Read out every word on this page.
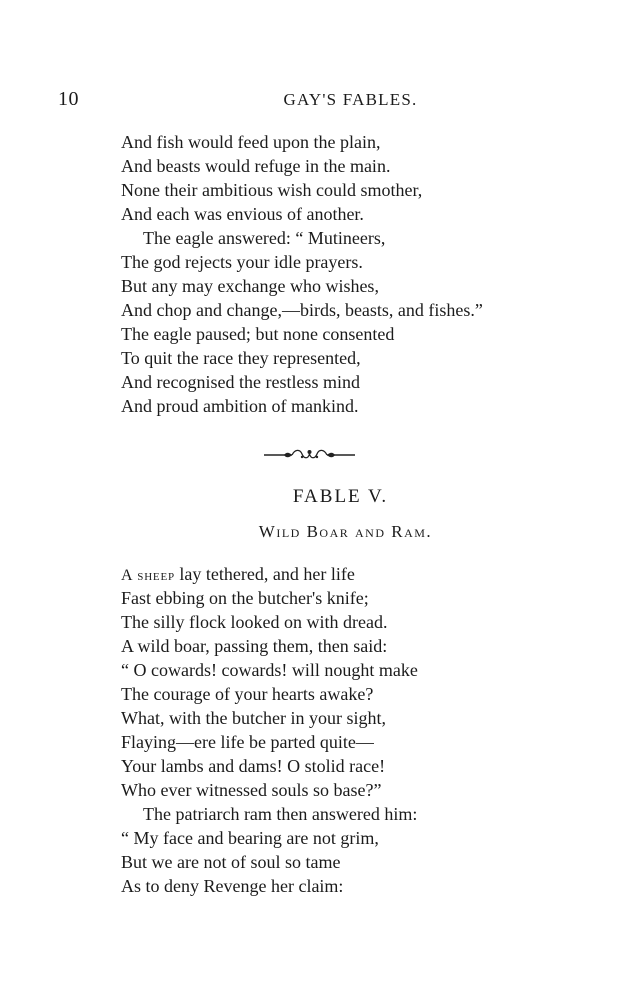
10	GAY'S FABLES.
And fish would feed upon the plain,
And beasts would refuge in the main.
None their ambitious wish could smother,
And each was envious of another.
The eagle answered: “ Mutineers,
The god rejects your idle prayers.
But any may exchange who wishes,
And chop and change,—birds, beasts, and fishes.”
The eagle paused; but none consented
To quit the race they represented,
And recognised the restless mind
And proud ambition of mankind.
FABLE V.
Wild Boar and Ram.
A sheep lay tethered, and her life
Fast ebbing on the butcher's knife;
The silly flock looked on with dread.
A wild boar, passing them, then said:
“ O cowards! cowards! will nought make
The courage of your hearts awake?
What, with the butcher in your sight,
Flaying—ere life be parted quite—
Your lambs and dams! O stolid race!
Who ever witnessed souls so base?”
The patriarch ram then answered him:
“ My face and bearing are not grim,
But we are not of soul so tame
As to deny Revenge her claim:
